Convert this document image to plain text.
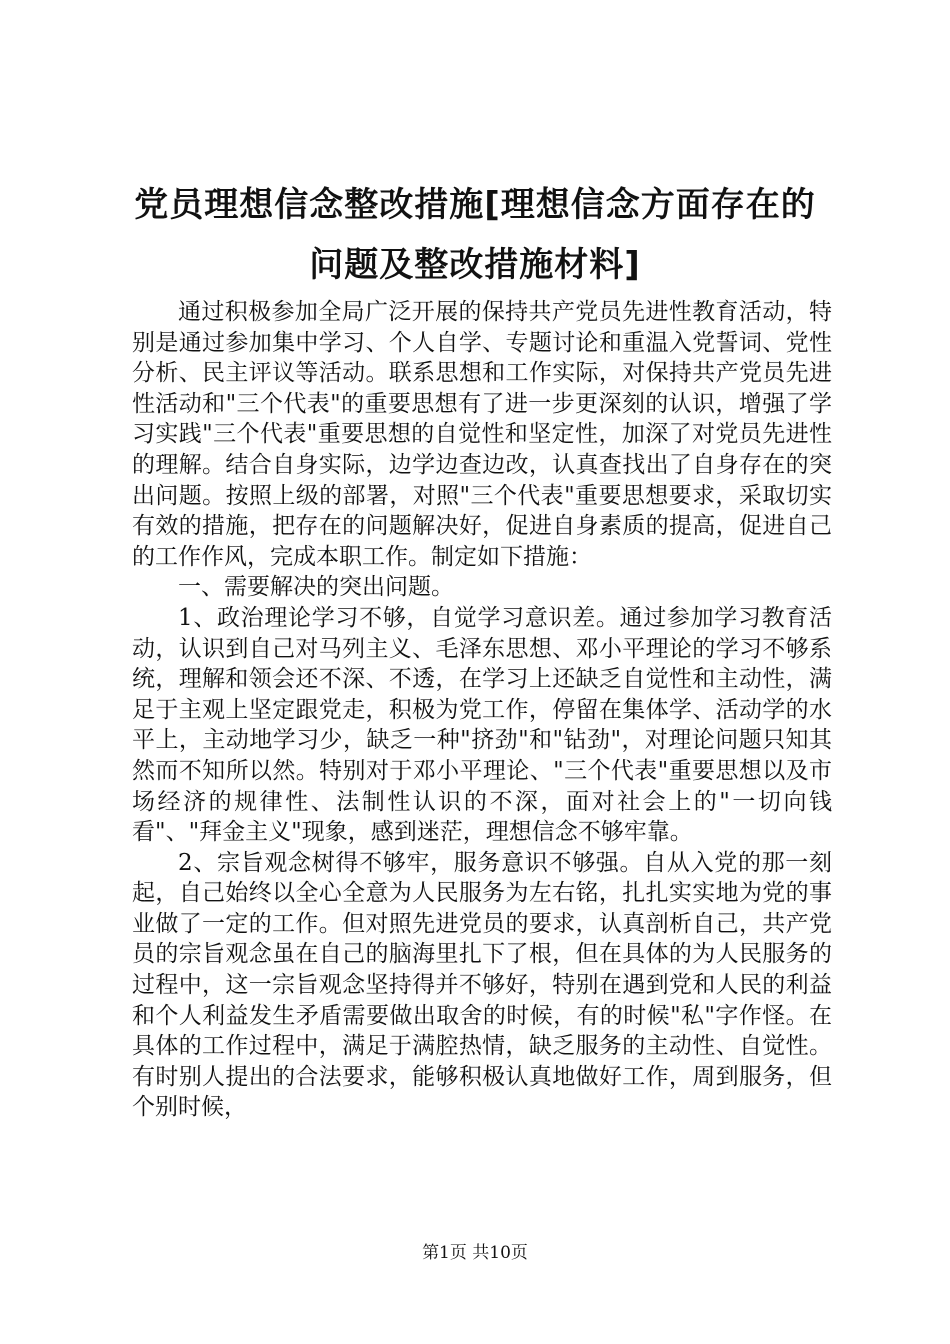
党员理想信念整改措施[理想信念方面存在的问题及整改措施材料]

通过积极参加全局广泛开展的保持共产党员先进性教育活动，特别是通过参加集中学习、个人自学、专题讨论和重温入党誓词、党性分析、民主评议等活动。联系思想和工作实际，对保持共产党员先进性活动和"三个代表"的重要思想有了进一步更深刻的认识，增强了学习实践"三个代表"重要思想的自觉性和坚定性，加深了对党员先进性的理解。结合自身实际，边学边查边改，认真查找出了自身存在的突出问题。按照上级的部署，对照"三个代表"重要思想要求，采取切实有效的措施，把存在的问题解决好，促进自身素质的提高，促进自己的工作作风，完成本职工作。制定如下措施：

一、需要解决的突出问题。

1、政治理论学习不够，自觉学习意识差。通过参加学习教育活动，认识到自己对马列主义、毛泽东思想、邓小平理论的学习不够系统，理解和领会还不深、不透，在学习上还缺乏自觉性和主动性，满足于主观上坚定跟党走，积极为党工作，停留在集体学、活动学的水平上，主动地学习少，缺乏一种"挤劲"和"钻劲"，对理论问题只知其然而不知所以然。特别对于邓小平理论、"三个代表"重要思想以及市场经济的规律性、法制性认识的不深，面对社会上的"一切向钱看"、"拜金主义"现象，感到迷茫，理想信念不够牢靠。

2、宗旨观念树得不够牢，服务意识不够强。自从入党的那一刻起，自己始终以全心全意为人民服务为左右铭，扎扎实实地为党的事业做了一定的工作。但对照先进党员的要求，认真剖析自己，共产党员的宗旨观念虽在自己的脑海里扎下了根，但在具体的为人民服务的过程中，这一宗旨观念坚持得并不够好，特别在遇到党和人民的利益和个人利益发生矛盾需要做出取舍的时候，有的时候"私"字作怪。在具体的工作过程中，满足于满腔热情，缺乏服务的主动性、自觉性。有时别人提出的合法要求，能够积极认真地做好工作，周到服务，但个别时候，

第1页 共10页
